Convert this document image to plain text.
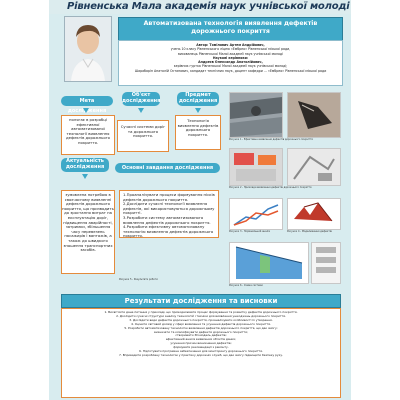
Рівненська Мала академія наук учнівської молоді
Автоматизована технологія виявлення дефектів дорожнього покриття
Автор: Томілович Артем Андрійович,
учень 10 класу Рівненського ліцею «Ембрео» Рівненської міської ради,
вихованець Рівненської Малої академії наук учнівської молоді
Наукові керівники:
Андреєв Олександр Анатолійович,
керівник гуртка Рівненської Малої академії наук учнівської молоді;
Шарабарін Анатолій Остапович, кандидат технічних наук, доцент кафедри ... «Ембрео» Рівненської міської ради
Мета дослідження
Об'єкт дослідження
Предмет дослідження
полягає в розробці ефективної автоматизованої технології виявлення дефектів дорожнього покриття.
Сучасні системи доріг та дорожнього покриття.
Технологія виявлення дефектів дорожнього покриття.
Актуальність дослідження
зумовлена потребою в своєчасному виявленні дефектів дорожнього покриття, що призводить до зростання витрат на експлуатацію доріг, підвищення аварійності, затримки, збільшення часу перевезень пасажирів і вантажів, а також до швидкого зношення транспортних засобів.
Основні завдання дослідження
1.Проаналізувати процеси формування пісків дефектів дорожнього покриття.
2.Дослідити сучасні технології виявлення дефектів, які використовуються дорожньому покритті.
3.Розробити систему автоматизованого виявлення дефектів дорожнього покриття.
4.Розробити ефективну автоматизовану технологію виявлення дефектів дорожнього покриття.
Рисунок 1 - Ефективне виявлення дефектів дорожнього покриття
Рисунок 2 - Приклади виявлення дефектів дорожнього покриття
Рисунок 3 - Порівняльний аналіз	Рисунок 4 - Моделювання дефектів
Рисунок 5 - Результати роботи
Рисунок 6 - Схема системи
Результати дослідження та висновки
1. Висвітлити дане питання у прикладі, що промоделювати процес формування та розвитку дефектів дорожнього покриття.
2. Дослідити сучасні структури аналізу технологій і техніки для виявлення ушкоджень дорожнього покриття.
3. Дослідити види дефектів дорожнього покриття, проаналізувати особливості їх утворення.
4. Оцінити світовий досвід у сфері виявлення та усунення дефектів дорожнього покриття.
5. Розробити автоматизовану технологію виявлення дефектів дорожнього покриття, що дає змогу:
визначати та класифікувати дефекти дорожнього покриття;
створювати 3D-модель дефектів;
ефективний аналіз виявлених об'єктів даних;
усунення причин виникнення дефектів;
формувати рекомендації з ремонту.
6. Підготувати програмне забезпечення для моніторингу дорожнього покриття.
7. Впровадити розроблену технологію у практику дорожніх служб, що дає змогу підвищити безпеку руху.
